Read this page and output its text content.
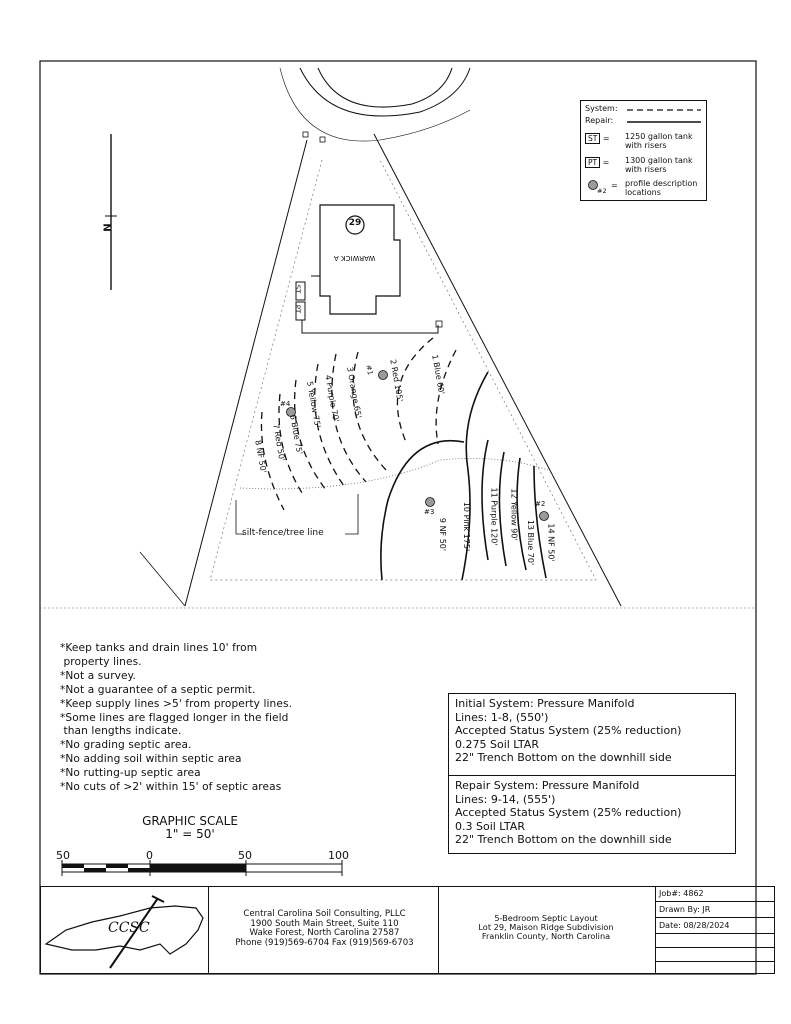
29
WARWICK A
N
ST
PT
silt-fence/tree line
1 Blue 60'
2 Red 105'
3 Orange 65'
4 Purple 70'
5 Yellow 75'
6 Blue 75'
7 Red 50'
8 NF 50'
9 NF 50' 10 Pink 175' 11 Purple 120' 12 Yellow 90'
13 Blue 70' 14 NF 50'
#1
#2
#3
#4
System:
Repair:
ST = 1250 gallon tank
with risers
PT = 1300 gallon tank
with risers
#2
= profile description
locations
*Keep tanks and drain lines 10' from
property lines.
*Not a survey.
*Not a guarantee of a septic permit.
*Keep supply lines >5' from property lines.
*Some lines are flagged longer in the field
than lengths indicate.
*No grading septic area.
*No adding soil within septic area
*No rutting-up septic area
*No cuts of >2' within 15' of septic areas
GRAPHIC SCALE
1" = 50'
50	0	50	100
Initial System: Pressure Manifold
Lines: 1-8, (550')
Accepted Status System (25% reduction)
0.275 Soil LTAR
22" Trench Bottom on the downhill side
Repair System: Pressure Manifold
Lines: 9-14, (555')
Accepted Status System (25% reduction)
0.3 Soil LTAR
22" Trench Bottom on the downhill side
CCSC
Central Carolina Soil Consulting, PLLC
1900 South Main Street, Suite 110
Wake Forest, North Carolina 27587
Phone (919)569-6704 Fax (919)569-6703
5-Bedroom Septic Layout
Lot 29, Maison Ridge Subdivision
Franklin County, North Carolina
Job#: 4862
Drawn By: JR
Date: 08/28/2024
